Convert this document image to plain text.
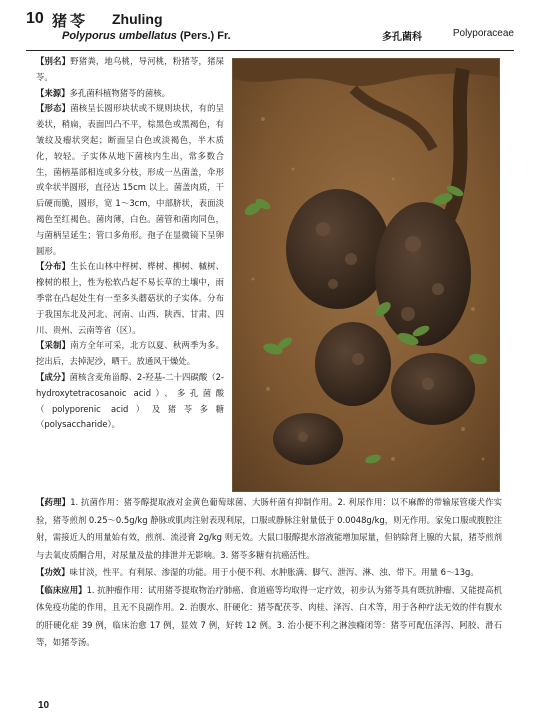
10 猪苓 Zhuling
Polyporus umbellatus (Pers.) Fr.	多孔菌科	Polyporaceae

【别名】野猪粪，地乌桃，导河桃，粉猪苓，猪屎苓。

【来源】多孔菌科植物猪苓的菌核。

【形态】菌核呈长圆形块状或不规则块状，有的呈姜状，稍扁，表面凹凸不平，棕黑色或黑褐色，有皱纹及瘤状突起；断面呈白色或淡褐色，半木质化，较轻。子实体从地下菌核内生出，常多数合生，菌柄基部相连或多分枝，形成一丛菌盖，伞形或伞状半圆形，直径达 15cm 以上。菌盖肉质，干后硬而脆，圆形，宽 1～3cm，中部脐状，表面淡褐色至红褐色。菌肉薄，白色。菌管和菌肉同色，与菌柄呈延生；管口多角形。孢子在显微镜下呈卵圆形。

【分布】生长在山林中枰树、桦树、柳树、槭树、橡树的根上，性为松软凸起不易长草的土壤中，雨季常在凸起处生有一至多头蘑菇状的子实体。分布于我国东北及河北、河南、山西、陕西、甘肃、四川、贵州、云南等省（区）。

【采制】南方全年可采，北方以夏、秋两季为多。挖出后，去掉泥沙，晒干。放通风干燥处。

【成分】菌核含麦角甾醇、2-羟基-二十四碳酸（2-hydroxytetracosanoic acid）、多孔菌酸（polyporenic acid）及猪苓多糖（polysaccharide）。

【药理】1. 抗菌作用：猪苓醇提取液对金黄色葡萄球菌、大肠杆菌有抑制作用。2. 利尿作用：以不麻醉的带输尿管瘘犬作实验，猪苓煎剂 0.25～0.5g/kg 静脉或肌肉注射表现利尿，口服或静脉注射量低于 0.0048g/kg，则无作用。家兔口服或腹腔注射，需接近人的用量始有效，煎剂、流浸膏 2g/kg 则无效。大鼠口服醇提水溶液能增加尿量，但钠除肾上腺的大鼠，猪苓煎剂与去氧皮质酮合用，对尿量及盐的排泄并无影响。3. 猪苓多糖有抗癌活性。

【功效】味甘淡，性平。有利尿、渗湿的功能。用于小便不利、水肿胀满、脚气、泄泻、淋、浊、带下。用量 6～13g。

【临床应用】1. 抗肿瘤作用：试用猪苓提取物治疗肺癌、食道癌等均取得一定疗效，初步认为猪苓具有既抗肿瘤、又能提高机体免疫功能的作用，且无不良副作用。2. 治腹水、肝硬化：猪苓配茯苓、肉桂、泽泻、白术等，用于各种疗法无效的伴有腹水的肝硬化症 39 例，临床治愈 17 例，显效 7 例，好转 12 例。3. 治小便不利之淋浊癃闭等：猪苓可配伍泽泻、阿胶、滑石等，如猪苓汤。

10
